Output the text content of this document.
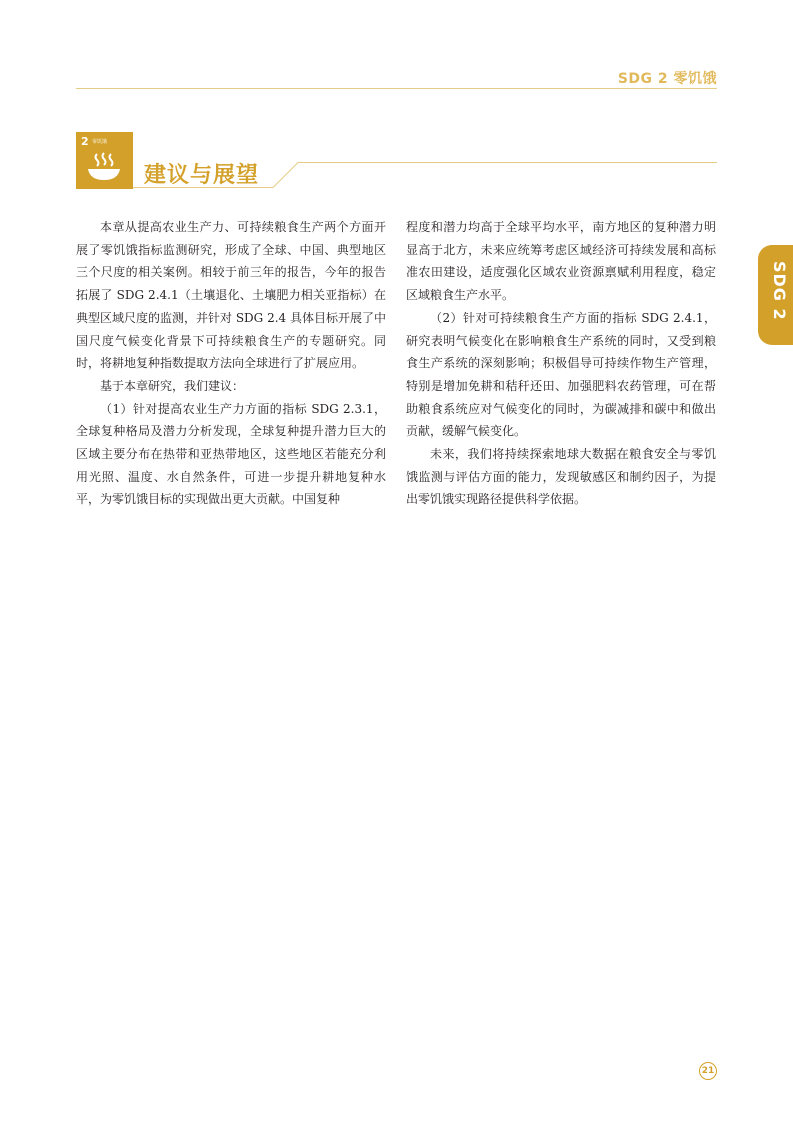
SDG 2 零饥饿
2 零饥饿
建议与展望
SDG 2

本章从提高农业生产力、可持续粮食生产两个方面开展了零饥饿指标监测研究，形成了全球、中国、典型地区三个尺度的相关案例。相较于前三年的报告，今年的报告拓展了 SDG 2.4.1（土壤退化、土壤肥力相关亚指标）在典型区域尺度的监测，并针对 SDG 2.4 具体目标开展了中国尺度气候变化背景下可持续粮食生产的专题研究。同时，将耕地复种指数提取方法向全球进行了扩展应用。

基于本章研究，我们建议：

（1）针对提高农业生产力方面的指标 SDG 2.3.1，全球复种格局及潜力分析发现，全球复种提升潜力巨大的区域主要分布在热带和亚热带地区，这些地区若能充分利用光照、温度、水自然条件，可进一步提升耕地复种水平，为零饥饿目标的实现做出更大贡献。中国复种

程度和潜力均高于全球平均水平，南方地区的复种潜力明显高于北方，未来应统筹考虑区域经济可持续发展和高标准农田建设，适度强化区域农业资源禀赋利用程度，稳定区域粮食生产水平。

（2）针对可持续粮食生产方面的指标 SDG 2.4.1，研究表明气候变化在影响粮食生产系统的同时，又受到粮食生产系统的深刻影响；积极倡导可持续作物生产管理，特别是增加免耕和秸秆还田、加强肥料农药管理，可在帮助粮食系统应对气候变化的同时，为碳减排和碳中和做出贡献，缓解气候变化。

未来，我们将持续探索地球大数据在粮食安全与零饥饿监测与评估方面的能力，发现敏感区和制约因子，为提出零饥饿实现路径提供科学依据。

21
